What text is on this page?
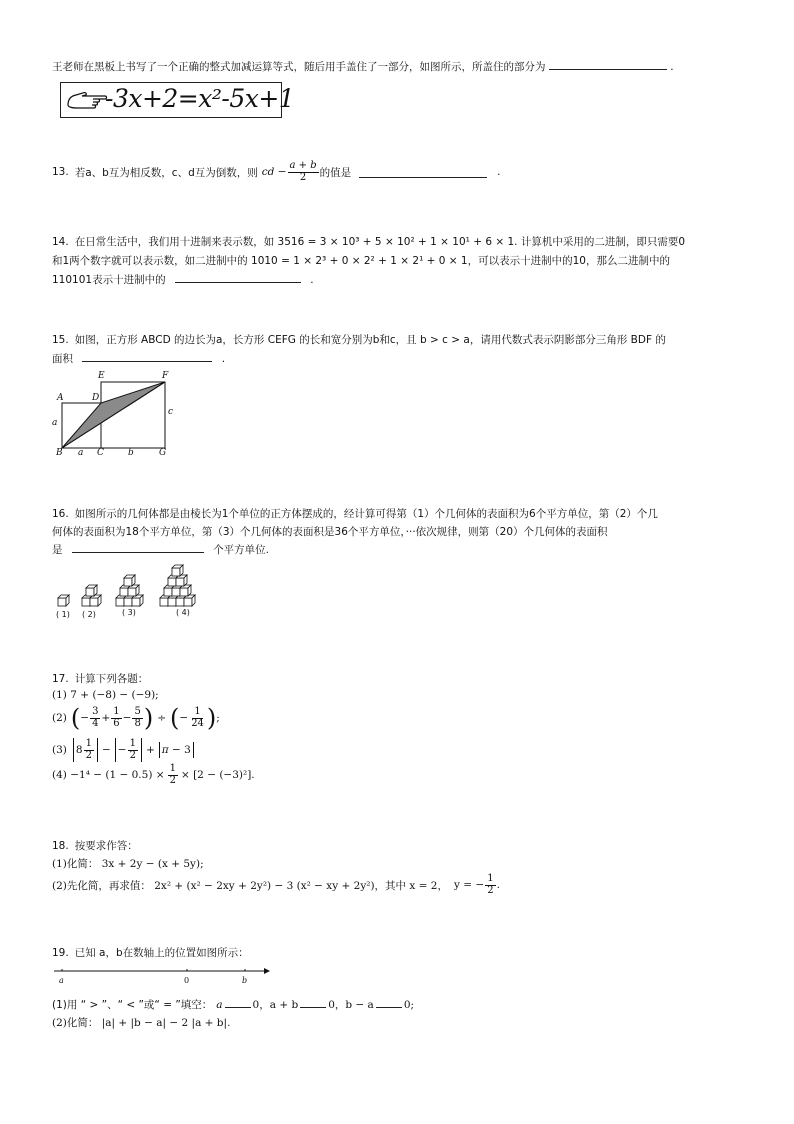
王老师在黑板上书写了一个正确的整式加减运算等式，随后用手盖住了一部分，如图所示，所盖住的部分为	.
-3x+2=x²-5x+1
13. 若a、b互为相反数，c、d互为倒数，则 cd − $\frac{a + b}{2}$ 的值是	.
14. 在日常生活中，我们用十进制来表示数，如 3516 = 3 × 10³ + 5 × 10² + 1 × 10¹ + 6 × 1. 计算机中采用的二进制，即只需要0
和1两个数字就可以表示数，如二进制中的 1010 = 1 × 2³ + 0 × 2² + 1 × 2¹ + 0 × 1，可以表示十进制中的10，那么二进制中的
110101表示十进制中的	.
15. 如图，正方形 ABCD 的边长为a，长方形 CEFG 的长和宽分别为b和c，且 b > c > a，请用代数式表示阴影部分三角形 BDF 的
面积	.
E	F
A	D
a
c
B a C	b	G
16. 如图所示的几何体都是由棱长为1个单位的正方体摆成的，经计算可得第（1）个几何体的表面积为6个平方单位，第（2）个几
何体的表面积为18个平方单位，第（3）个几何体的表面积是36个平方单位，···依次规律，则第（20）个几何体的表面积
是	个平方单位.
( 1) ( 2)	( 3)	( 4)
17. 计算下列各题：
(1) 7 + (−8) − (−9);
(2) ( − $\frac{3}{4} + \frac{1}{6} - \frac{5}{8}$ ) ÷ ( − $\frac{1}{24}$ ) ;
(3) $8 \frac{1}{2}$ − − $\frac{1}{2} + \pi - 3$
$(4) -1^4 - (1 - 0.5) \times \frac{1}{2} \times [2 - (-3)^2]$.
18. 按要求作答：
(1)化简： 3x + 2y − (x + 5y);
(2)先化简，再求值： 2x² + (x² − 2xy + 2y²) − 3 (x² − xy + 2y²)，其中 x = 2， y = − $\frac{1}{2}$ .
19. 已知 a，b在数轴上的位置如图所示：
a	0	b
(1)用 “ > ”、“ < ”或“ = ”填空： a	0，a + b	0，b − a	0;
(2)化简： |a| + |b − a| − 2 |a + b|.
